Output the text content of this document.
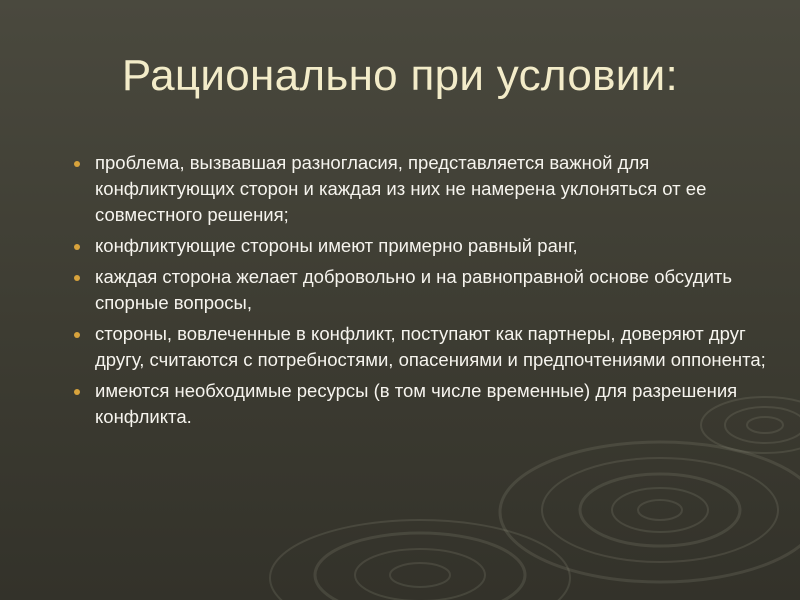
Рационально при условии:
проблема, вызвавшая разногласия, представляется важной для конфликтующих сторон и каждая из них не намерена уклоняться от ее совместного решения;
конфликтующие стороны имеют примерно равный ранг,
каждая сторона желает добровольно и на равноправной основе обсудить спорные вопросы,
стороны, вовлеченные в конфликт, поступают как партнеры, доверяют друг другу, считаются с потребностями, опасениями и предпочтениями оппонента;
имеются необходимые ресурсы (в том числе временные) для разрешения конфликта.
